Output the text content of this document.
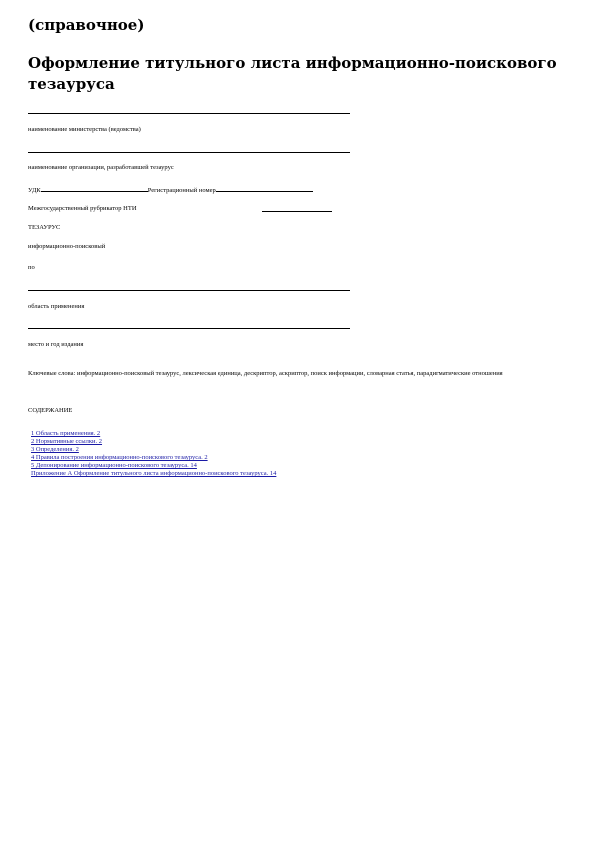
(справочное)
Оформление титульного листа информационно-поискового тезауруса
наименование министерства (ведомства)
наименование организации, разработавшей тезаурус
УДК	Регистрационный номер
Межгосударственный рубрикатор НТИ
ТЕЗАУРУС
информационно-поисковый
по
область применения
место и год издания
Ключевые слова: информационно-поисковый тезаурус, лексическая единица, дескриптор, аскриптор, поиск информации, словарная статья, парадигматические отношения
СОДЕРЖАНИЕ
1 Область применения. 2
2 Нормативные ссылки. 2
3 Определения. 2
4 Правила построения информационно-поискового тезауруса. 2
5 Депонирование информационно-поискового тезауруса. 14
Приложение А Оформление титульного листа информационно-поискового тезауруса. 14
